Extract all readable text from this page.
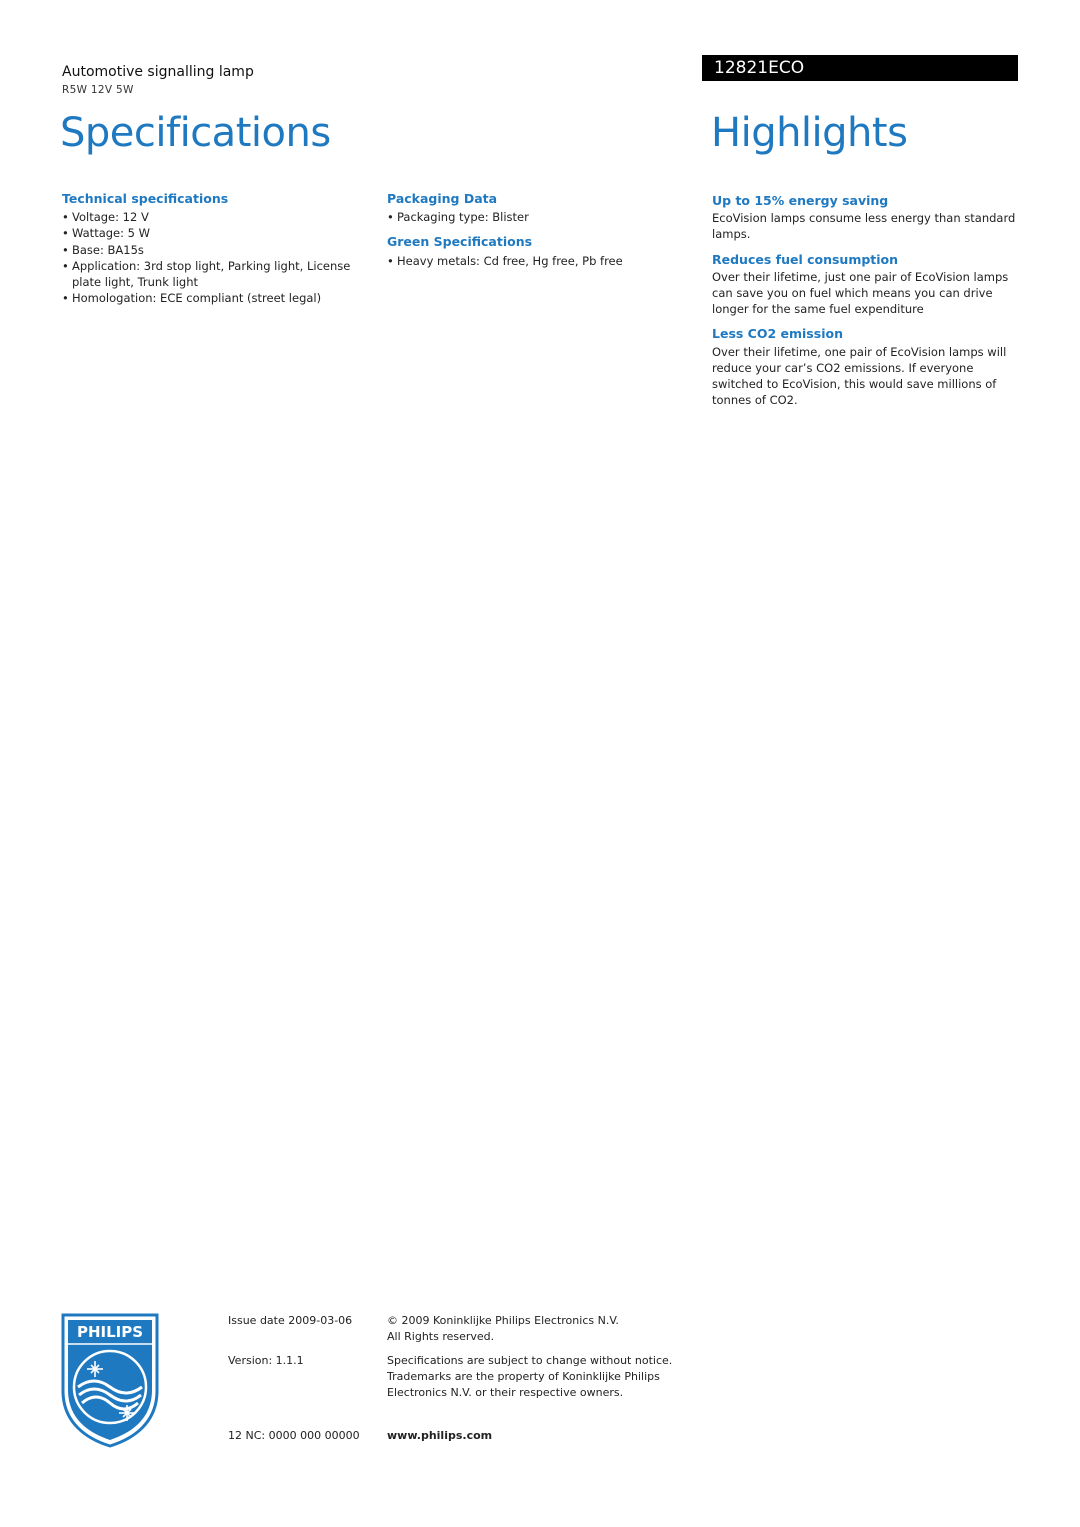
Automotive signalling lamp
R5W 12V 5W
12821ECO
Specifications	Highlights
Technical specifications
• Voltage: 12 V
• Wattage: 5 W
• Base: BA15s
• Application: 3rd stop light, Parking light, License plate light, Trunk light
• Homologation: ECE compliant (street legal)
Packaging Data
• Packaging type: Blister
Green Specifications
• Heavy metals: Cd free, Hg free, Pb free
Up to 15% energy saving

EcoVision lamps consume less energy than standard lamps.

Reduces fuel consumption

Over their lifetime, just one pair of EcoVision lamps can save you on fuel which means you can drive longer for the same fuel expenditure

Less CO2 emission

Over their lifetime, one pair of EcoVision lamps will reduce your car’s CO2 emissions. If everyone switched to EcoVision, this would save millions of tonnes of CO2.

PHILIPS
Issue date 2009-03-06
Version: 1.1.1
12 NC: 0000 000 00000
© 2009 Koninklijke Philips Electronics N.V.
All Rights reserved.
Specifications are subject to change without notice.
Trademarks are the property of Koninklijke Philips
Electronics N.V. or their respective owners.
www.philips.com
